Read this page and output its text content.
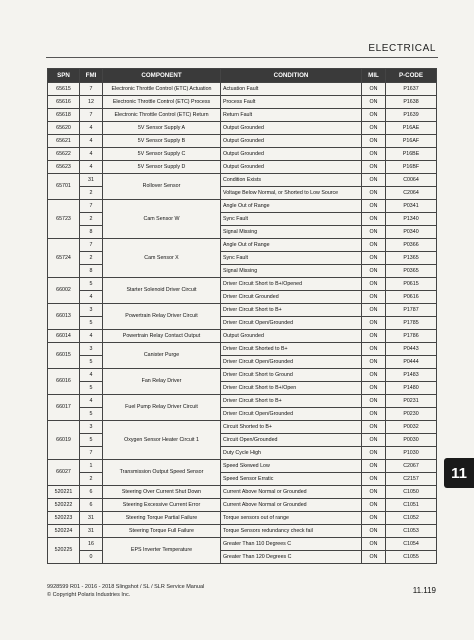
ELECTRICAL
SPN	FMI	COMPONENT	CONDITION	MIL	P-CODE
65615	7	Electronic Throttle Control (ETC) Actuation	Actuation Fault	ON	P1637
65616	12	Electronic Throttle Control (ETC) Process	Process Fault	ON	P1638
65618	7	Electronic Throttle Control (ETC) Return	Return Fault	ON	P1639
65620	4	5V Sensor Supply A	Output Grounded	ON	P16AE
65621	4	5V Sensor Supply B	Output Grounded	ON	P16AF
65622	4	5V Sensor Supply C	Output Grounded	ON	P16BE
65623	4	5V Sensor Supply D	Output Grounded	ON	P16BF
65701	31	Rollover Sensor	Condition Exists	ON	C0064
	2		Voltage Below Normal, or Shorted to Low Source	ON	C2064
65723	7	Cam Sensor W	Angle Out of Range	ON	P0341
	2		Sync Fault	ON	P1340
	8		Signal Missing	ON	P0340
65724	7	Cam Sensor X	Angle Out of Range	ON	P0366
	2		Sync Fault	ON	P1365
	8		Signal Missing	ON	P0365
66002	5	Starter Solenoid Driver Circuit	Driver Circuit Short to B+/Opened	ON	P0615
	4		Driver Circuit Grounded	ON	P0616
66013	3	Powertrain Relay Driver Circuit	Driver Circuit Short to B+	ON	P1787
	5		Driver Circuit Open/Grounded	ON	P1785
66014	4	Powertrain Relay Contact Output	Output Grounded	ON	P1786
66015	3	Canister Purge	Driver Circuit Shorted to B+	ON	P0443
	5		Driver Circuit Open/Grounded	ON	P0444
66016	4	Fan Relay Driver	Driver Circuit Short to Ground	ON	P1483
	5		Driver Circuit Short to B+/Open	ON	P1480
66017	4	Fuel Pump Relay Driver Circuit	Driver Circuit Short to B+	ON	P0231
	5		Driver Circuit Open/Grounded	ON	P0230
66019	3	Oxygen Sensor Heater Circuit 1	Circuit Shorted to B+	ON	P0032
	5		Circuit Open/Grounded	ON	P0030
	7		Duty Cycle High	ON	P1030
66027	1	Transmission Output Speed Sensor	Speed Skewed Low	ON	C2067
	2		Speed Sensor Erratic	ON	C2157
520221	6	Steering Over Current Shut Down	Current Above Normal or Grounded	ON	C1050
520222	6	Steering Excessive Current Error	Current Above Normal or Grounded	ON	C1051
520223	31	Steering Torque Partial Failure	Torque sensors out of range	ON	C1052
520224	31	Steering Torque Full Failure	Torque Sensors redundancy check fail	ON	C1053
520225	16	EPS Inverter Temperature	Greater Than 110 Degrees C	ON	C1054
	0		Greater Than 120 Degrees C	ON	C1055
11
9928599 R01 - 2016 - 2018 Slingshot / SL / SLR Service Manual
© Copyright Polaris Industries Inc.	11.119
